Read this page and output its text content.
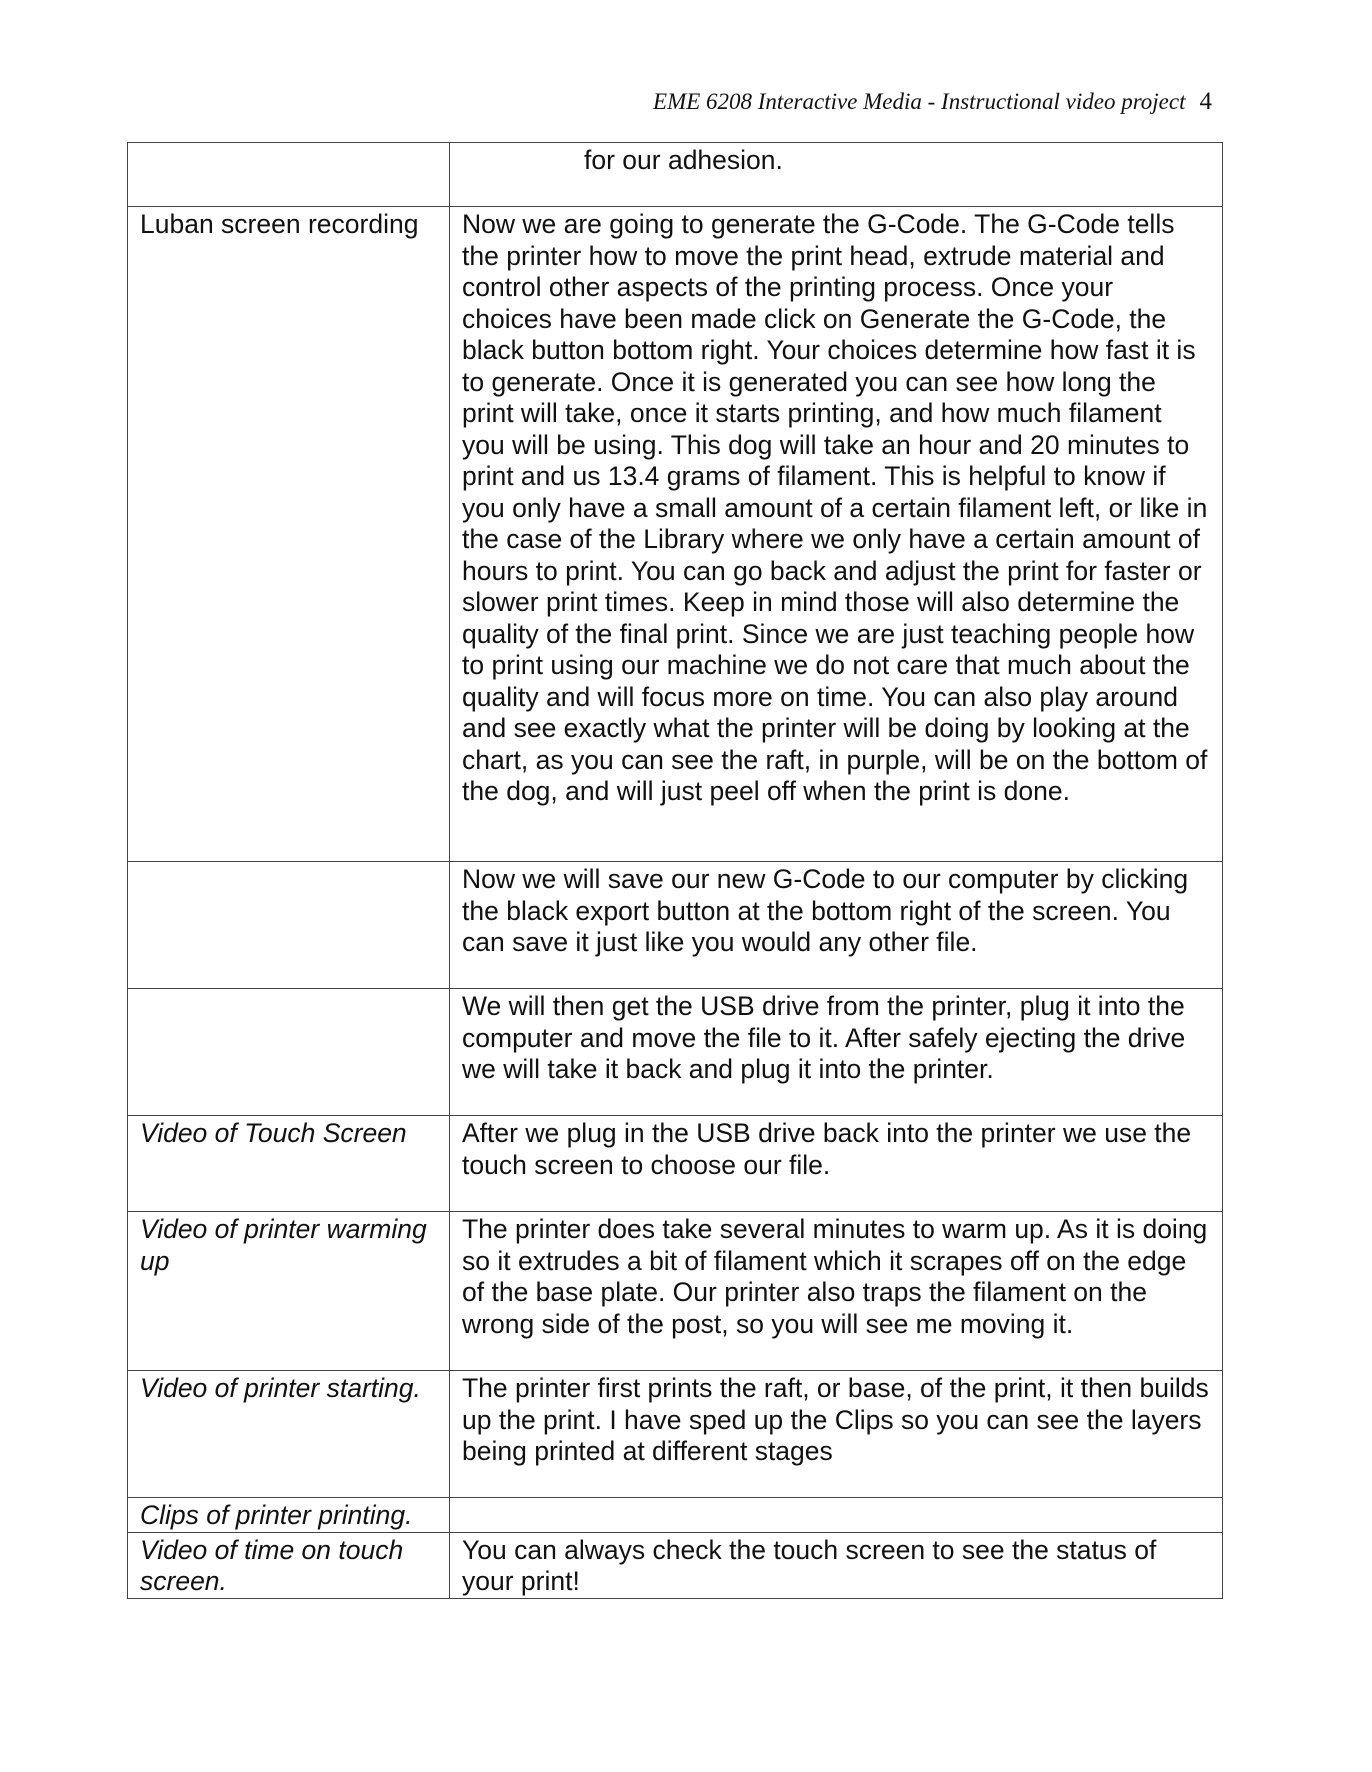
EME 6208 Interactive Media - Instructional video project 4

	for our adhesion.

Luban screen recording	Now we are going to generate the G-Code. The G-Code tells the printer how to move the print head, extrude material and control other aspects of the printing process. Once your choices have been made click on Generate the G-Code, the black button bottom right. Your choices determine how fast it is to generate. Once it is generated you can see how long the print will take, once it starts printing, and how much filament you will be using. This dog will take an hour and 20 minutes to print and us 13.4 grams of filament. This is helpful to know if you only have a small amount of a certain filament left, or like in the case of the Library where we only have a certain amount of hours to print. You can go back and adjust the print for faster or slower print times. Keep in mind those will also determine the quality of the final print. Since we are just teaching people how to print using our machine we do not care that much about the quality and will focus more on time. You can also play around and see exactly what the printer will be doing by looking at the chart, as you can see the raft, in purple, will be on the bottom of the dog, and will just peel off when the print is done.
	Now we will save our new G-Code to our computer by clicking the black export button at the bottom right of the screen. You can save it just like you would any other file.
	We will then get the USB drive from the printer, plug it into the computer and move the file to it. After safely ejecting the drive we will take it back and plug it into the printer.
Video of Touch Screen	After we plug in the USB drive back into the printer we use the touch screen to choose our file.
Video of printer warming up	The printer does take several minutes to warm up. As it is doing so it extrudes a bit of filament which it scrapes off on the edge of the base plate. Our printer also traps the filament on the wrong side of the post, so you will see me moving it.
Video of printer starting.	The printer first prints the raft, or base, of the print, it then builds up the print. I have sped up the Clips so you can see the layers being printed at different stages
Clips of printer printing.	
Video of time on touch screen.	You can always check the touch screen to see the status of your print!
